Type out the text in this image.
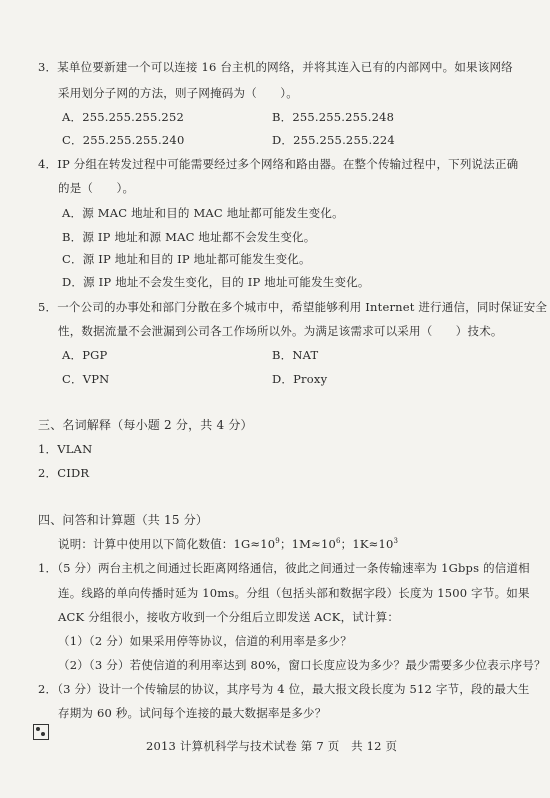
3．某单位要新建一个可以连接 16 台主机的网络，并将其连入已有的内部网中。如果该网络
采用划分子网的方法，则子网掩码为（　　）。
A．255.255.255.252	B．255.255.255.248
C．255.255.255.240	D．255.255.255.224
4．IP 分组在转发过程中可能需要经过多个网络和路由器。在整个传输过程中，下列说法正确
的是（　　）。
A．源 MAC 地址和目的 MAC 地址都可能发生变化。
B．源 IP 地址和源 MAC 地址都不会发生变化。
C．源 IP 地址和目的 IP 地址都可能发生变化。
D．源 IP 地址不会发生变化，目的 IP 地址可能发生变化。
5．一个公司的办事处和部门分散在多个城市中，希望能够利用 Internet 进行通信，同时保证安全
性，数据流量不会泄漏到公司各工作场所以外。为满足该需求可以采用（　　）技术。
A．PGP	B．NAT
C．VPN	D．Proxy
三、名词解释（每小题 2 分，共 4 分）
1．VLAN
2．CIDR
四、问答和计算题（共 15 分）
说明：计算中使用以下简化数值：$1G\approx 10^9$；$1M\approx 10^6$；$1K\approx 10^3$
1．（5 分）两台主机之间通过长距离网络通信，彼此之间通过一条传输速率为 1Gbps 的信道相
连。线路的单向传播时延为 10ms。分组（包括头部和数据字段）长度为 1500 字节。如果
ACK 分组很小，接收方收到一个分组后立即发送 ACK，试计算：
（1）（2 分）如果采用停等协议，信道的利用率是多少？
（2）（3 分）若使信道的利用率达到 80%，窗口长度应设为多少？最少需要多少位表示序号？
2．（3 分）设计一个传输层的协议，其序号为 4 位，最大报文段长度为 512 字节，段的最大生
存期为 60 秒。试问每个连接的最大数据率是多少？
2013 计算机科学与技术试卷 第 7 页　共 12 页
